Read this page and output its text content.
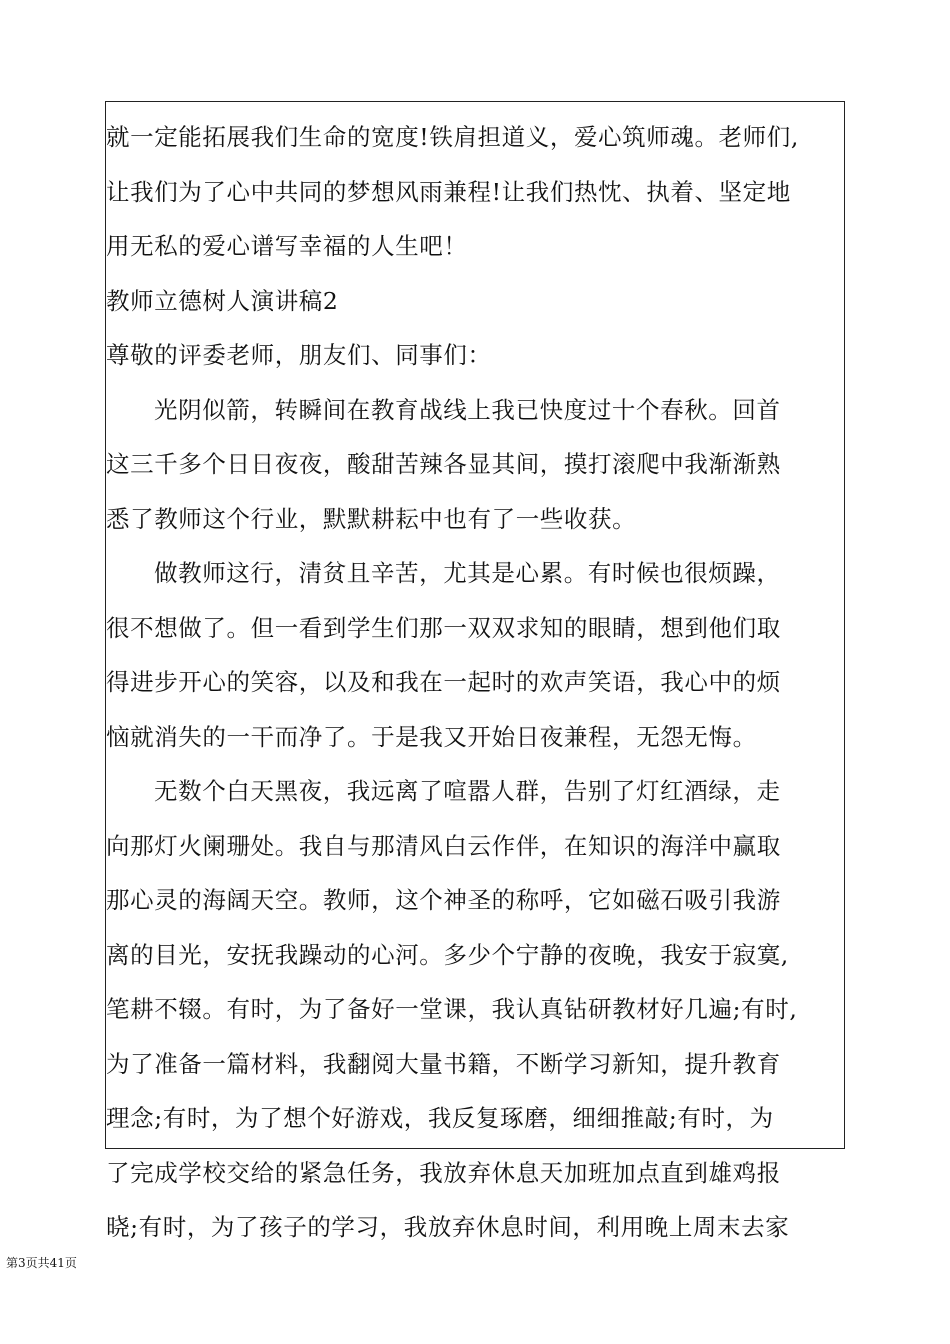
就一定能拓展我们生命的宽度!铁肩担道义，爱心筑师魂。老师们,
让我们为了心中共同的梦想风雨兼程!让我们热忱、执着、坚定地
用无私的爱心谱写幸福的人生吧！
教师立德树人演讲稿2
尊敬的评委老师，朋友们、同事们：
光阴似箭，转瞬间在教育战线上我已快度过十个春秋。回首
这三千多个日日夜夜，酸甜苦辣各显其间，摸打滚爬中我渐渐熟
悉了教师这个行业，默默耕耘中也有了一些收获。
做教师这行，清贫且辛苦，尤其是心累。有时候也很烦躁，
很不想做了。但一看到学生们那一双双求知的眼睛，想到他们取
得进步开心的笑容，以及和我在一起时的欢声笑语，我心中的烦
恼就消失的一干而净了。于是我又开始日夜兼程，无怨无悔。
无数个白天黑夜，我远离了喧嚣人群，告别了灯红酒绿，走
向那灯火阑珊处。我自与那清风白云作伴，在知识的海洋中赢取
那心灵的海阔天空。教师，这个神圣的称呼，它如磁石吸引我游
离的目光，安抚我躁动的心河。多少个宁静的夜晚，我安于寂寞,
笔耕不辍。有时，为了备好一堂课，我认真钻研教材好几遍;有时,
为了准备一篇材料，我翻阅大量书籍，不断学习新知，提升教育
理念;有时，为了想个好游戏，我反复琢磨，细细推敲;有时，为
了完成学校交给的紧急任务，我放弃休息天加班加点直到雄鸡报
晓;有时，为了孩子的学习，我放弃休息时间，利用晚上周末去家
第3页共41页
